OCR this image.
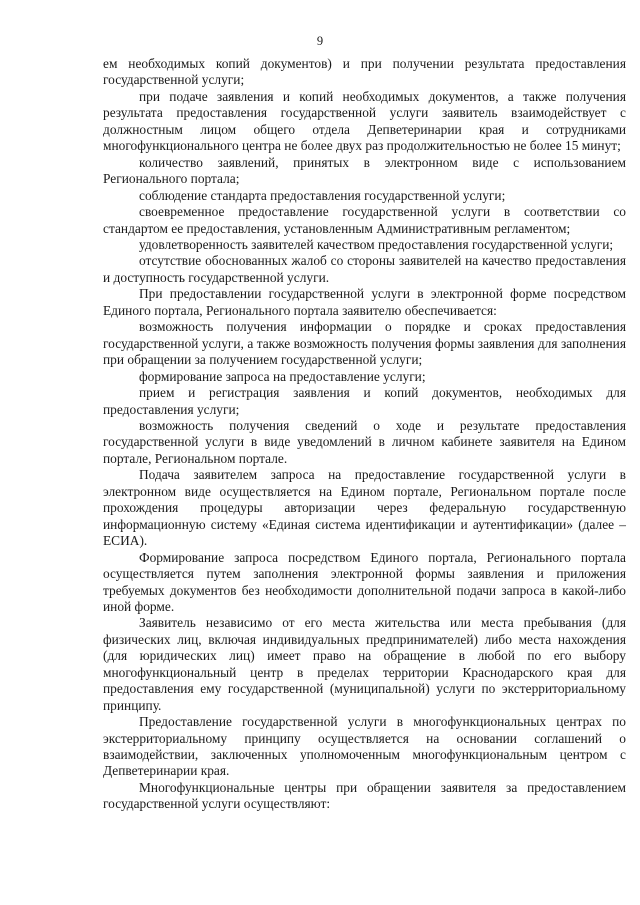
9

ем необходимых копий документов) и при получении результата предоставления государственной услуги;

при подаче заявления и копий необходимых документов, а также получения результата предоставления государственной услуги заявитель взаимодействует с должностным лицом общего отдела Депветеринарии края и сотрудниками многофункционального центра не более двух раз продолжительностью не более 15 минут;

количество заявлений, принятых в электронном виде с использованием Регионального портала;

соблюдение стандарта предоставления государственной услуги;

своевременное предоставление государственной услуги в соответствии со стандартом ее предоставления, установленным Административным регламентом;

удовлетворенность заявителей качеством предоставления государственной услуги;

отсутствие обоснованных жалоб со стороны заявителей на качество предоставления и доступность государственной услуги.

При предоставлении государственной услуги в электронной форме посредством Единого портала, Регионального портала заявителю обеспечивается:

возможность получения информации о порядке и сроках предоставления государственной услуги, а также возможность получения формы заявления для заполнения при обращении за получением государственной услуги;

формирование запроса на предоставление услуги;

прием и регистрация заявления и копий документов, необходимых для предоставления услуги;

возможность получения сведений о ходе и результате предоставления государственной услуги в виде уведомлений в личном кабинете заявителя на Едином портале, Региональном портале.

Подача заявителем запроса на предоставление государственной услуги в электронном виде осуществляется на Едином портале, Региональном портале после прохождения процедуры авторизации через федеральную государственную информационную систему «Единая система идентификации и аутентификации» (далее – ЕСИА).

Формирование запроса посредством Единого портала, Регионального портала осуществляется путем заполнения электронной формы заявления и приложения требуемых документов без необходимости дополнительной подачи запроса в какой-либо иной форме.

Заявитель независимо от его места жительства или места пребывания (для физических лиц, включая индивидуальных предпринимателей) либо места нахождения (для юридических лиц) имеет право на обращение в любой по его выбору многофункциональный центр в пределах территории Краснодарского края для предоставления ему государственной (муниципальной) услуги по экстерриториальному принципу.

Предоставление государственной услуги в многофункциональных центрах по экстерриториальному принципу осуществляется на основании соглашений о взаимодействии, заключенных уполномоченным многофункциональным центром с Депветеринарии края.

Многофункциональные центры при обращении заявителя за предоставлением государственной услуги осуществляют:
